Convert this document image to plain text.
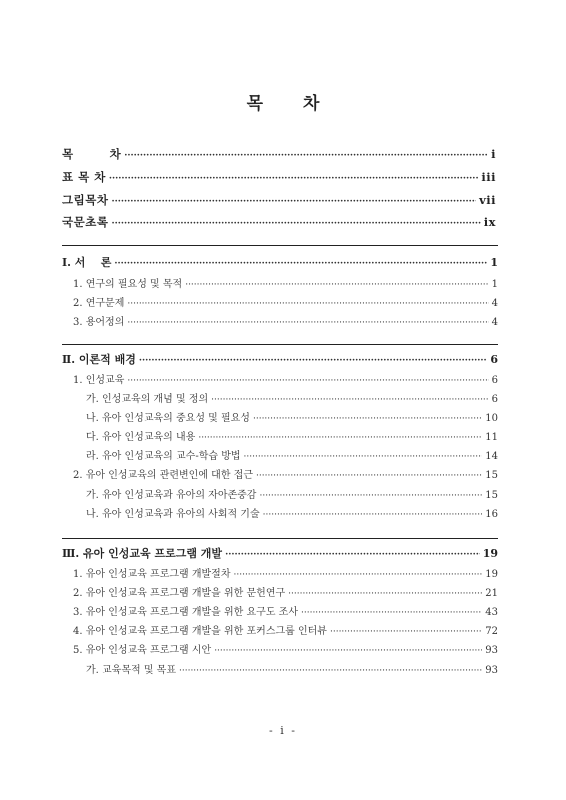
목 차
목        차 ·····	i
표 목 차 ·····	iii
그림목차 ·····	vii
국문초록 ·····	ix
Ⅰ. 서    론 ·····	1
1. 연구의 필요성 및 목적 ·····	1
2. 연구문제 ·····	4
3. 용어정의 ·····	4
Ⅱ. 이론적 배경 ·····	6
1. 인성교육 ·····	6
가. 인성교육의 개념 및 정의 ·····	6
나. 유아 인성교육의 중요성 및 필요성 ·····	10
다. 유아 인성교육의 내용 ·····	11
라. 유아 인성교육의 교수-학습 방법 ·····	14
2. 유아 인성교육의 관련변인에 대한 접근 ·····	15
가. 유아 인성교육과 유아의 자아존중감 ·····	15
나. 유아 인성교육과 유아의 사회적 기술 ·····	16
Ⅲ. 유아 인성교육 프로그램 개발 ·····	19
1. 유아 인성교육 프로그램 개발절차 ·····	19
2. 유아 인성교육 프로그램 개발을 위한 문헌연구 ·····	21
3. 유아 인성교육 프로그램 개발을 위한 요구도 조사 ·····	43
4. 유아 인성교육 프로그램 개발을 위한 포커스그룹 인터뷰 ·····	72
5. 유아 인성교육 프로그램 시안 ·····	93
가. 교육목적 및 목표 ·····	93
- i -
